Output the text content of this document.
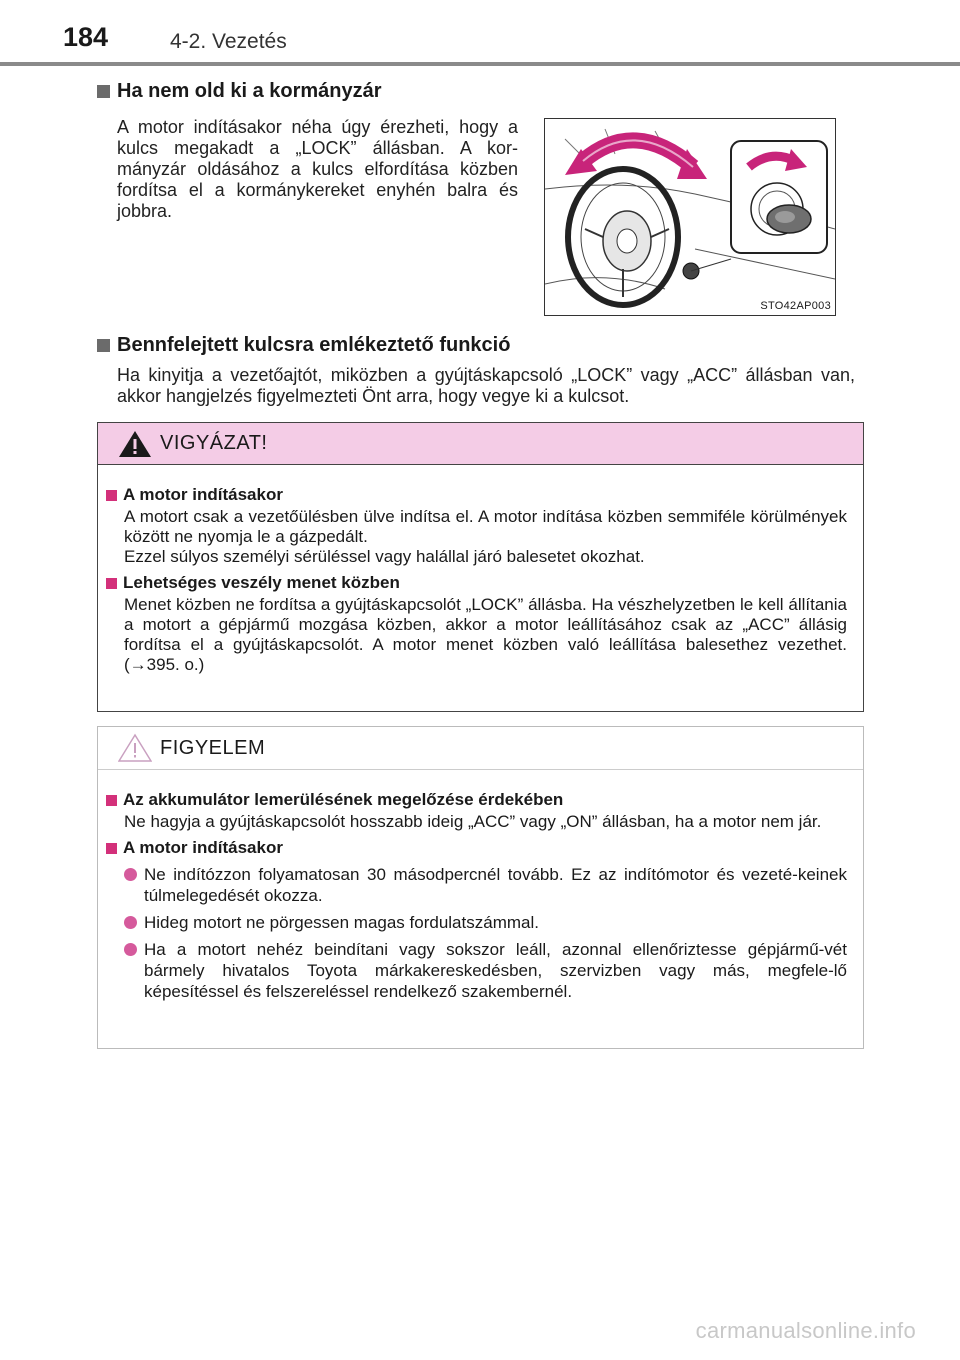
184	4-2. Vezetés
Ha nem old ki a kormányzár
A motor indításakor néha úgy érezheti, hogy a kulcs megakadt a „LOCK” állásban. A kor-mányzár oldásához a kulcs elfordítása közben fordítsa el a kormánykereket enyhén balra és jobbra.
STO42AP003
Bennfelejtett kulcsra emlékeztető funkció
Ha kinyitja a vezetőajtót, miközben a gyújtáskapcsoló „LOCK” vagy „ACC” állásban van, akkor hangjelzés figyelmezteti Önt arra, hogy vegye ki a kulcsot.
VIGYÁZAT!
A motor indításakor
A motort csak a vezetőülésben ülve indítsa el. A motor indítása közben semmiféle körülmények között ne nyomja le a gázpedált.
Ezzel súlyos személyi sérüléssel vagy halállal járó balesetet okozhat.
Lehetséges veszély menet közben
Menet közben ne fordítsa a gyújtáskapcsolót „LOCK” állásba. Ha vészhelyzetben le kell állítania a motort a gépjármű mozgása közben, akkor a motor leállításához csak az „ACC” állásig fordítsa el a gyújtáskapcsolót. A motor menet közben való leállítása balesethez vezethet. (→395. o.)
FIGYELEM
Az akkumulátor lemerülésének megelőzése érdekében
Ne hagyja a gyújtáskapcsolót hosszabb ideig „ACC” vagy „ON” állásban, ha a motor nem jár.
A motor indításakor
Ne indítózzon folyamatosan 30 másodpercnél tovább. Ez az indítómotor és vezeté-keinek túlmelegedését okozza.
Hideg motort ne pörgessen magas fordulatszámmal.
Ha a motort nehéz beindítani vagy sokszor leáll, azonnal ellenőriztesse gépjármű-vét bármely hivatalos Toyota márkakereskedésben, szervizben vagy más, megfele-lő képesítéssel és felszereléssel rendelkező szakembernél.
carmanualsonline.info
